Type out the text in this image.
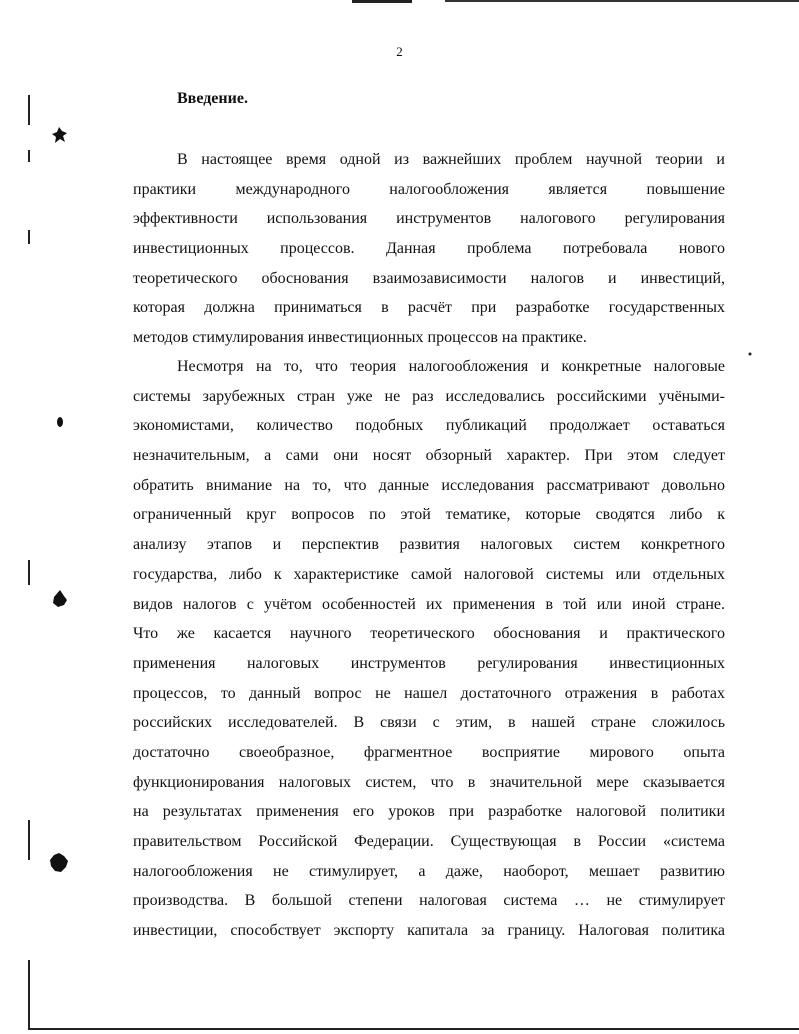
2
Введение.
В настоящее время одной из важнейших проблем научной теории и
практики международного налогообложения является повышение
эффективности использования инструментов налогового регулирования
инвестиционных процессов. Данная проблема потребовала нового
теоретического обоснования взаимозависимости налогов и инвестиций,
которая должна приниматься в расчёт при разработке государственных
методов стимулирования инвестиционных процессов на практике.
Несмотря на то, что теория налогообложения и конкретные налоговые
системы зарубежных стран уже не раз исследовались российскими учёными-
экономистами, количество подобных публикаций продолжает оставаться
незначительным, а сами они носят обзорный характер. При этом следует
обратить внимание на то, что данные исследования рассматривают довольно
ограниченный круг вопросов по этой тематике, которые сводятся либо к
анализу этапов и перспектив развития налоговых систем конкретного
государства, либо к характеристике самой налоговой системы или отдельных
видов налогов с учётом особенностей их применения в той или иной стране.
Что же касается научного теоретического обоснования и практического
применения налоговых инструментов регулирования инвестиционных
процессов, то данный вопрос не нашел достаточного отражения в работах
российских исследователей. В связи с этим, в нашей стране сложилось
достаточно своеобразное, фрагментное восприятие мирового опыта
функционирования налоговых систем, что в значительной мере сказывается
на результатах применения его уроков при разработке налоговой политики
правительством Российской Федерации. Существующая в России «система
налогообложения не стимулирует, а даже, наоборот, мешает развитию
производства. В большой степени налоговая система … не стимулирует
инвестиции, способствует экспорту капитала за границу. Налоговая политика
